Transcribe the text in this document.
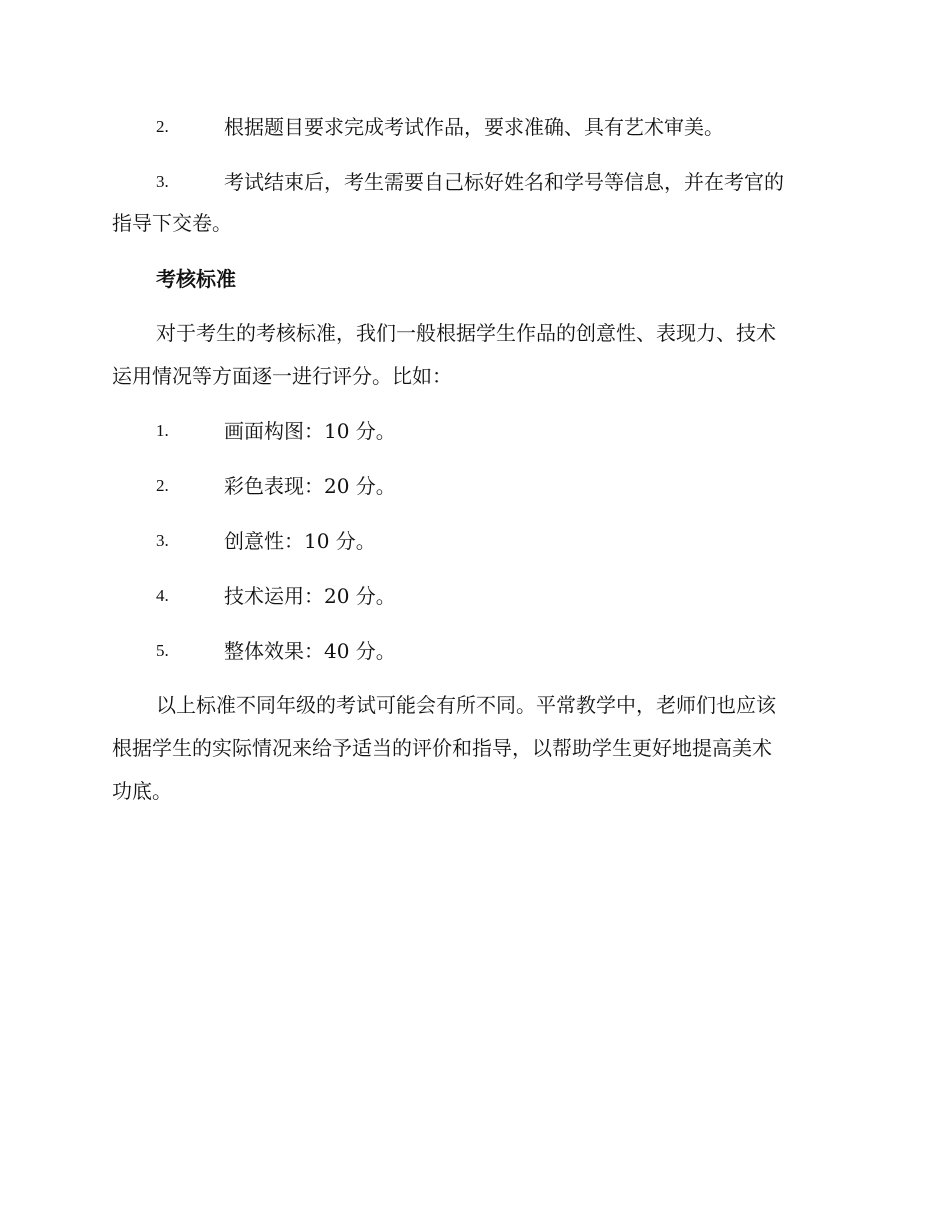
2.	根据题目要求完成考试作品，要求准确、具有艺术审美。
3.	考试结束后，考生需要自己标好姓名和学号等信息，并在考官的
指导下交卷。
考核标准
对于考生的考核标准，我们一般根据学生作品的创意性、表现力、技术
运用情况等方面逐一进行评分。比如：
1.	画面构图：10 分。
2.	彩色表现：20 分。
3.	创意性：10 分。
4.	技术运用：20 分。
5.	整体效果：40 分。
以上标准不同年级的考试可能会有所不同。平常教学中，老师们也应该
根据学生的实际情况来给予适当的评价和指导，以帮助学生更好地提高美术
功底。
